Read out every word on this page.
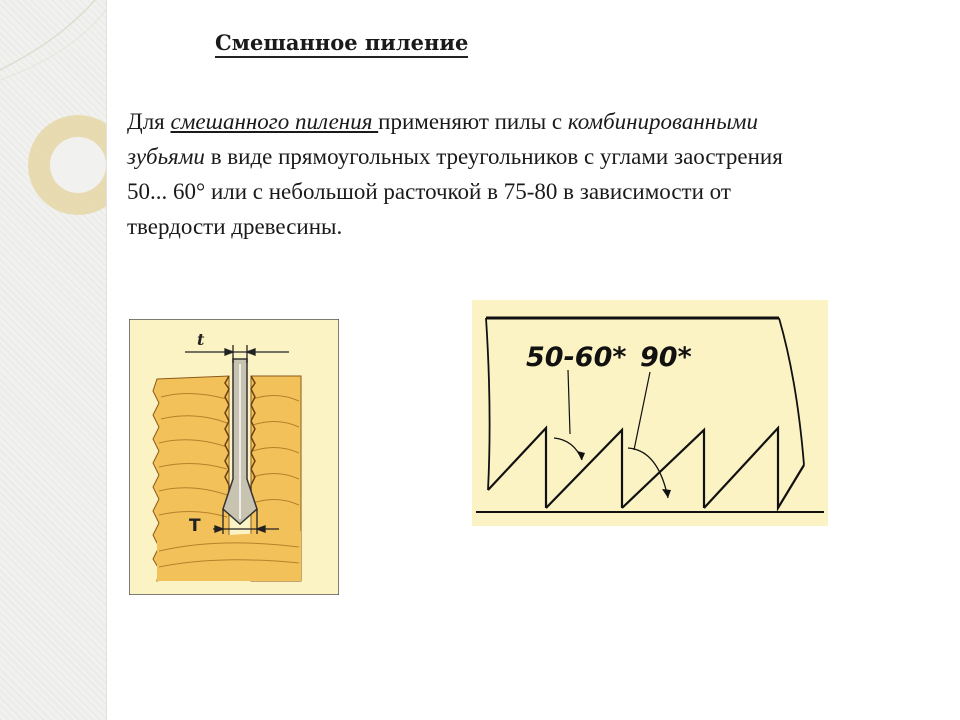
Смешанное пиление
Для смешанного пиления применяют пилы с комбинированными зубьями в виде прямоугольных треугольников с углами заострения 50... 60° или с небольшой расточкой в 75-80 в зависимости от твердости древесины.
t
T
50-60* 90*
